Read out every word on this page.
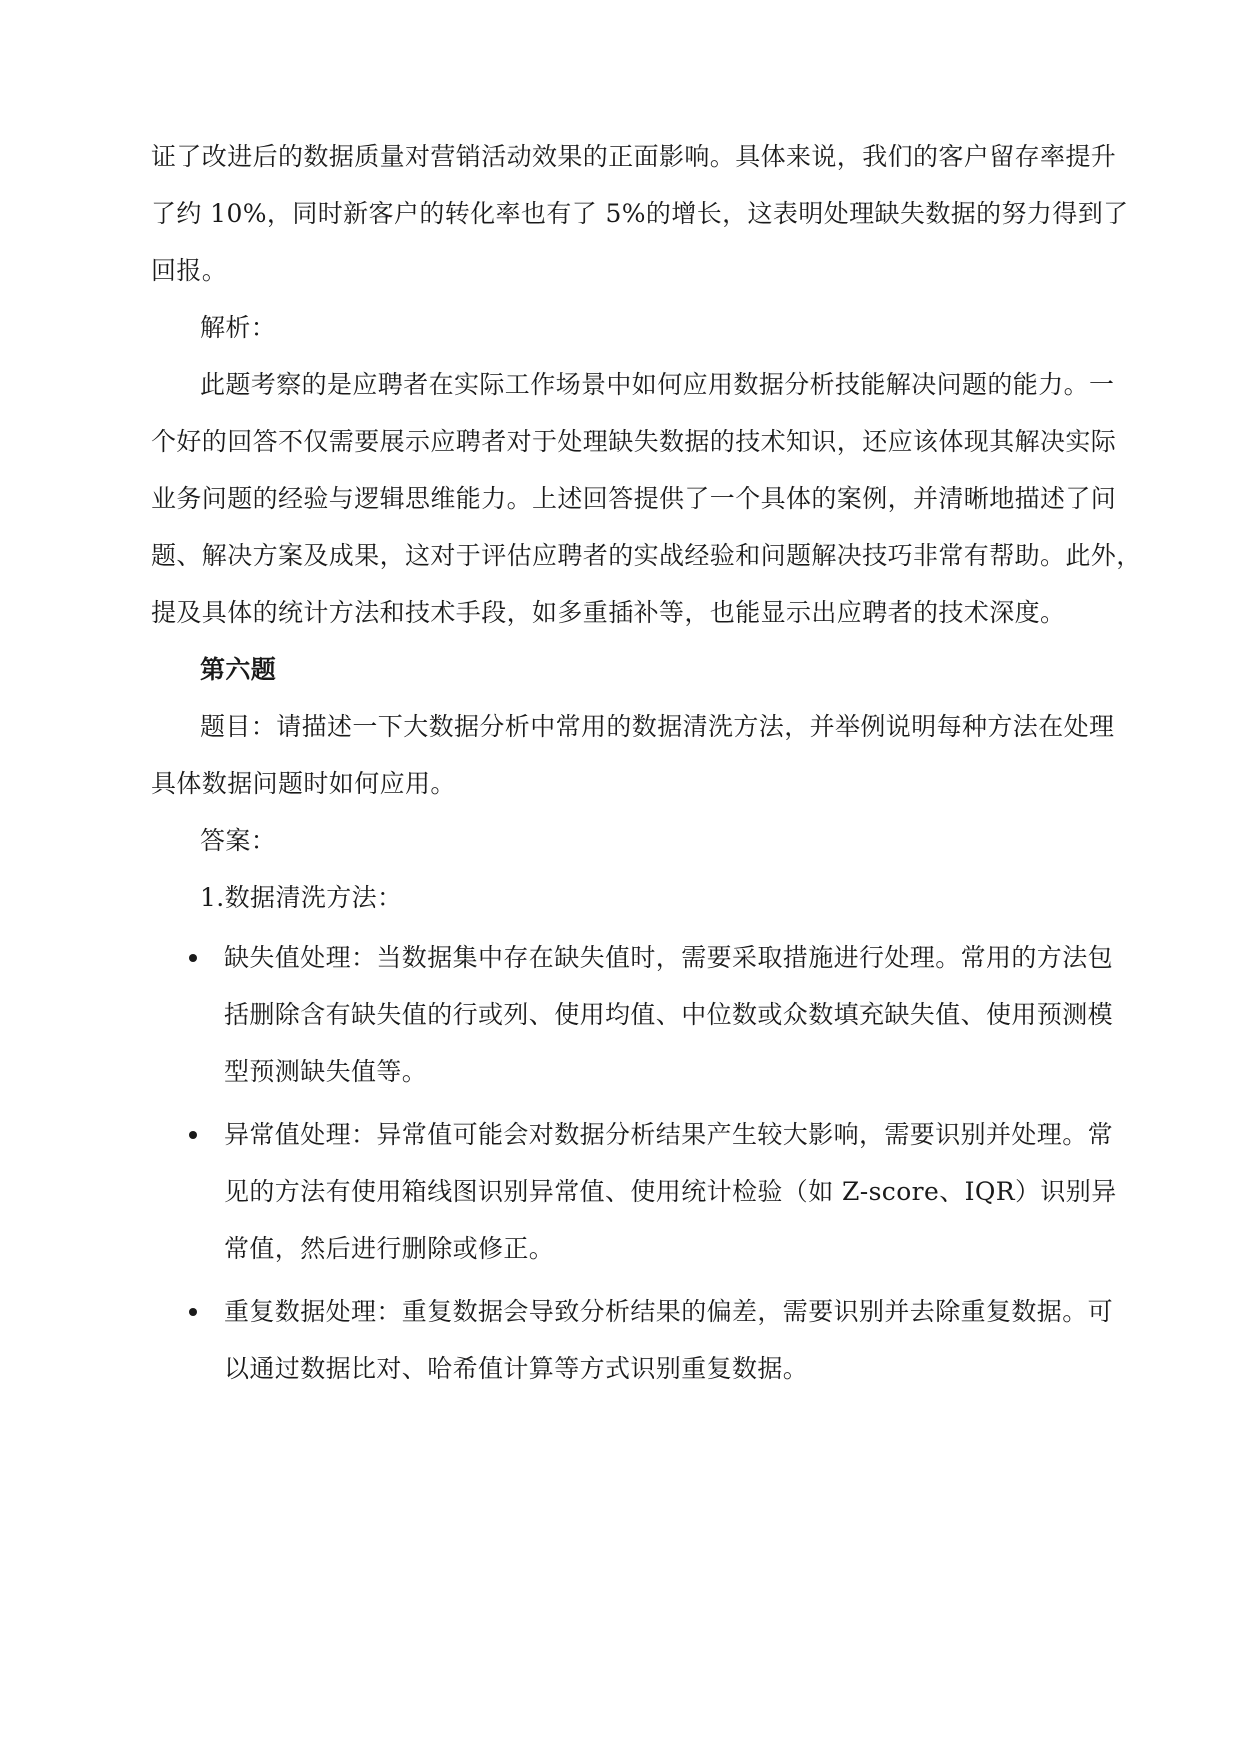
证了改进后的数据质量对营销活动效果的正面影响。具体来说，我们的客户留存率提升
了约 10%，同时新客户的转化率也有了 5%的增长，这表明处理缺失数据的努力得到了
回报。
解析：
此题考察的是应聘者在实际工作场景中如何应用数据分析技能解决问题的能力。一
个好的回答不仅需要展示应聘者对于处理缺失数据的技术知识，还应该体现其解决实际
业务问题的经验与逻辑思维能力。上述回答提供了一个具体的案例，并清晰地描述了问
题、解决方案及成果，这对于评估应聘者的实战经验和问题解决技巧非常有帮助。此外，
提及具体的统计方法和技术手段，如多重插补等，也能显示出应聘者的技术深度。
第六题
题目：请描述一下大数据分析中常用的数据清洗方法，并举例说明每种方法在处理
具体数据问题时如何应用。
答案：
1.数据清洗方法：
缺失值处理：当数据集中存在缺失值时，需要采取措施进行处理。常用的方法包
括删除含有缺失值的行或列、使用均值、中位数或众数填充缺失值、使用预测模
型预测缺失值等。
异常值处理：异常值可能会对数据分析结果产生较大影响，需要识别并处理。常
见的方法有使用箱线图识别异常值、使用统计检验（如 Z-score、IQR）识别异
常值，然后进行删除或修正。
重复数据处理：重复数据会导致分析结果的偏差，需要识别并去除重复数据。可
以通过数据比对、哈希值计算等方式识别重复数据。
